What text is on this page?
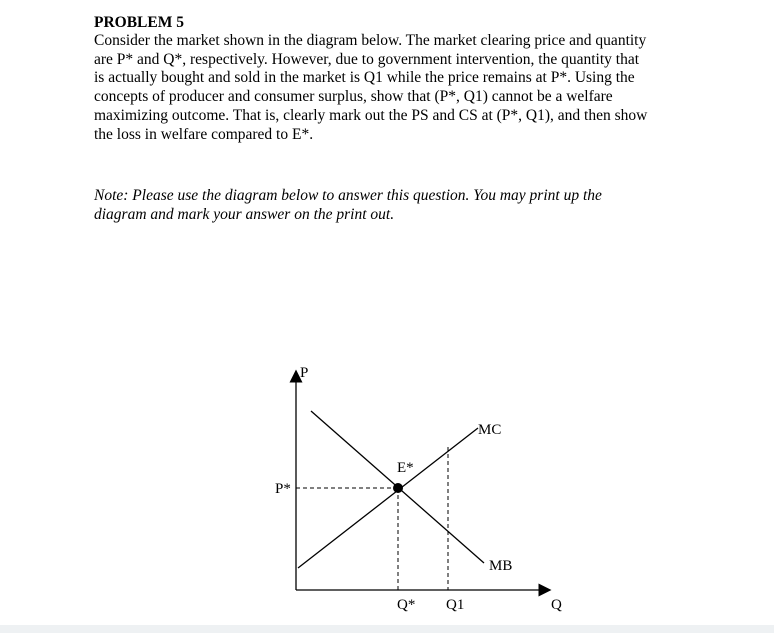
PROBLEM 5

Consider the market shown in the diagram below. The market clearing price and quantity
are P* and Q*, respectively. However, due to government intervention, the quantity that
is actually bought and sold in the market is Q1 while the price remains at P*. Using the
concepts of producer and consumer surplus, show that (P*, Q1) cannot be a welfare
maximizing outcome. That is, clearly mark out the PS and CS at (P*, Q1), and then show
the loss in welfare compared to E*.

Note: Please use the diagram below to answer this question. You may print up the
diagram and mark your answer on the print out.
P
P*
E*
MC
MB
Q* Q1	Q
